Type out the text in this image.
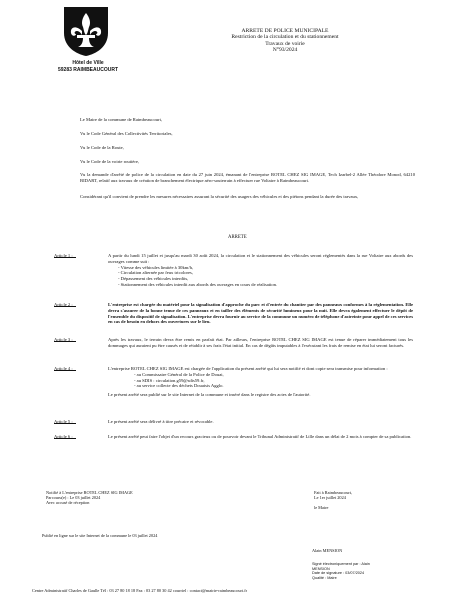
Hôtel de Ville
59283 RAIMBEAUCOURT
ARRETE DE POLICE MUNICIPALE
Restriction de la circulation et du stationnement
Travaux de voirie
N°93/2024
Le Maire de la commune de Raimbeaucourt,
Vu le Code Général des Collectivités Territoriales,
Vu le Code de la Route,
Vu le Code de la voirie routière,
Vu la demande d'arrêté de police de la circulation en date du 27 juin 2024, émanant de l'entreprise ROTEL CHEZ SIG IMAGE, Tech Izarbel-2 Allée Théodore Monod, 64210 BIDART, relatif aux travaux de création de branchement électrique aéro-souterrain à effectuer rue Voltaire à Raimbeaucourt.
Considérant qu'il convient de prendre les mesures nécessaires assurant la sécurité des usagers des véhicules et des piétons pendant la durée des travaux,
ARRETE
Article 1 :	A partir du lundi 15 juillet et jusqu'au mardi 30 août 2024, la circulation et le stationnement des véhicules seront réglementés dans la rue Voltaire aux abords des ouvrages comme suit :
- Vitesse des véhicules limitée à 30km/h,
- Circulation alternée par feux tricolores,
- Dépassement des véhicules interdits,
- Stationnement des véhicules interdit aux abords des ouvrages en cours de réalisation.
Article 2 :	L'entreprise est chargée du matériel pour la signalisation d'approche du parc et d'entrée du chantier par des panneaux conformes à la réglementation. Elle devra s'assurer de la bonne tenue de ces panneaux et en tailler des éléments de sécurité lumineux pour la nuit. Elle devra également effectuer le dépôt de l'ensemble du dispositif de signalisation. L'entreprise devra fournir au service de la commune un numéro de téléphone d'astreinte pour appel de ces services en cas de besoin en dehors des ouvertures sur le lieu.
Article 3 :	Après les travaux, le terrain devra être remis en parfait état. Par ailleurs, l'entreprise ROTEL CHEZ SIG IMAGE est tenue de réparer immédiatement tous les dommages qui auraient pu être causés et de rétablir à ses frais l'état initial. En cas de dégâts imputables à l'exécutant les frais de remise en état lui seront facturés.
Article 4 :	L'entreprise ROTEL CHEZ SIG IMAGE est chargée de l'application du présent arrêté qui lui sera notifié et dont copie sera transmise pour information :
- au Commissaire Général de la Police de Douai,
- au SDIS : circulation.g59@sdis59.fr,
- au service collecte des déchets Douaisis Agglo.
Le présent arrêté sera publié sur le site Internet de la commune et inséré dans le registre des actes de l'autorité.
Article 5 :	Le présent arrêté sera délivré à titre précaire et révocable.
Article 6 :	Le présent arrêté peut faire l'objet d'un recours gracieux ou de pourvoir devant le Tribunal Administratif de Lille dans un délai de 2 mois à compter de sa publication.
Notifié à L'entreprise ROTEL CHEZ SIG IMAGE
Parcouru(e) : Le 03 juillet 2024
Avec accusé de réception
Fait à Raimbeaucourt,
Le 1er juillet 2024
le Maire
Publié en ligne sur le site Internet de la commune le 03 juillet 2024
Alain MENSION
Signé électroniquement par : Alain
MENSION
Date de signature : 03/07/2024
Qualité : Maire
Centre Administratif Charles de Gaulle Tél : 03 27 80 18 18 Fax : 03 27 80 30 42 courriel : contact@mairie-raimbeaucourt.fr
